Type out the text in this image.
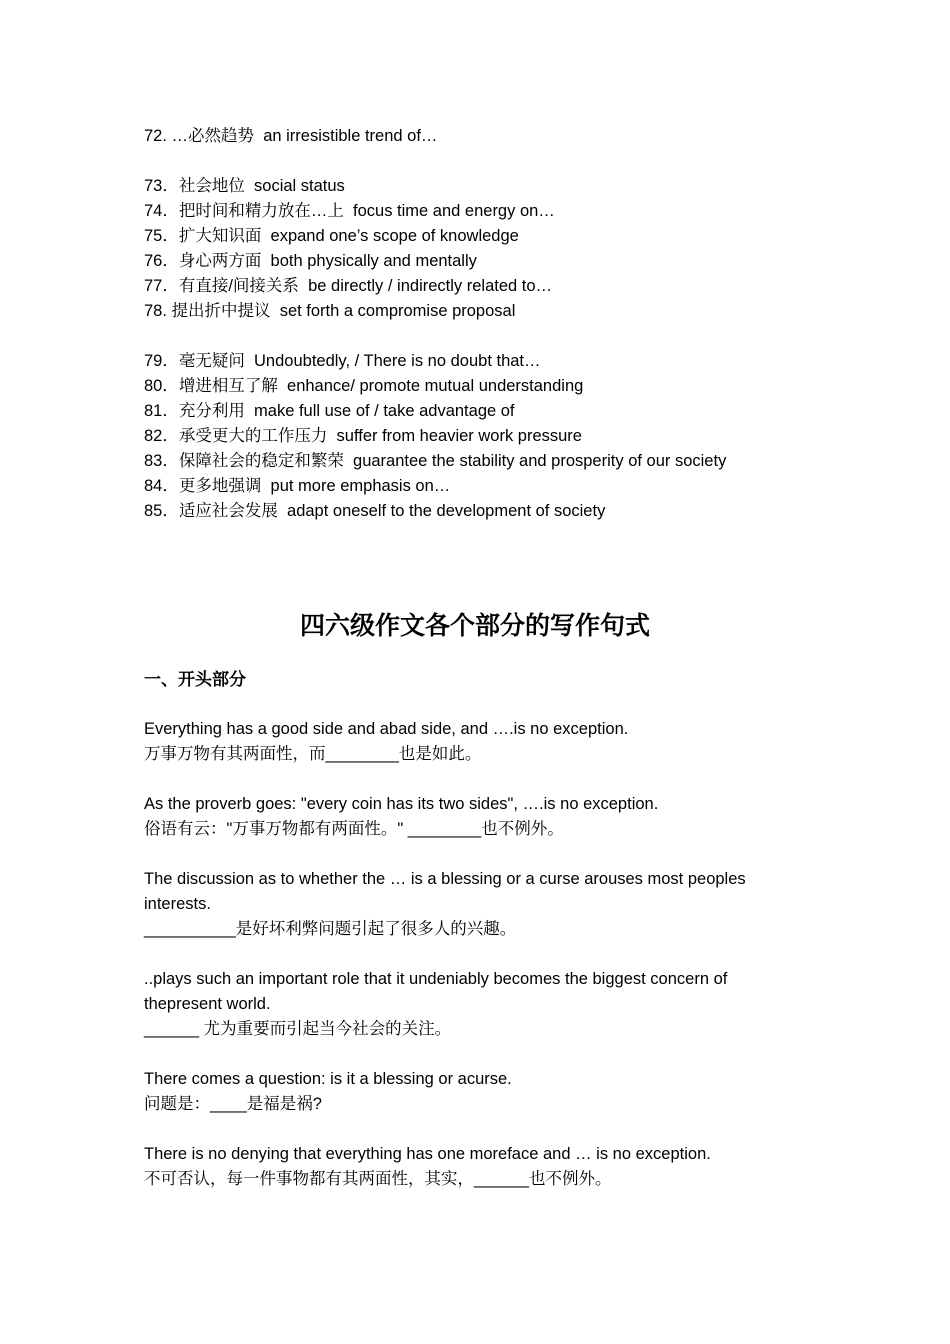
72. …必然趋势  an irresistible trend of…
73．社会地位  social status
74．把时间和精力放在…上  focus time and energy on…
75．扩大知识面  expand one’s scope of knowledge
76．身心两方面  both physically and mentally
77．有直接/间接关系  be directly / indirectly related to…
78. 提出折中提议  set forth a compromise proposal
79．毫无疑问  Undoubtedly, / There is no doubt that…
80．增进相互了解  enhance/ promote mutual understanding
81．充分利用  make full use of / take advantage of
82．承受更大的工作压力  suffer from heavier work pressure
83．保障社会的稳定和繁荣  guarantee the stability and prosperity of our society
84．更多地强调  put more emphasis on…
85．适应社会发展  adapt oneself to the development of society
四六级作文各个部分的写作句式
一、开头部分
Everything has a good side and abad side, and ….is no exception.
万事万物有其两面性，而________也是如此。
As the proverb goes: "every coin has its two sides", ….is no exception.
俗语有云："万事万物都有两面性。" ________也不例外。
The discussion as to whether the … is a blessing or a curse arouses most peoples interests.
__________是好坏利弊问题引起了很多人的兴趣。
..plays such an important role that it undeniably becomes the biggest concern of thepresent world.
______ 尤为重要而引起当今社会的关注。
There comes a question: is it a blessing or acurse.
问题是：____是福是祸?
There is no denying that everything has one moreface and … is no exception.
不可否认，每一件事物都有其两面性，其实，______也不例外。
